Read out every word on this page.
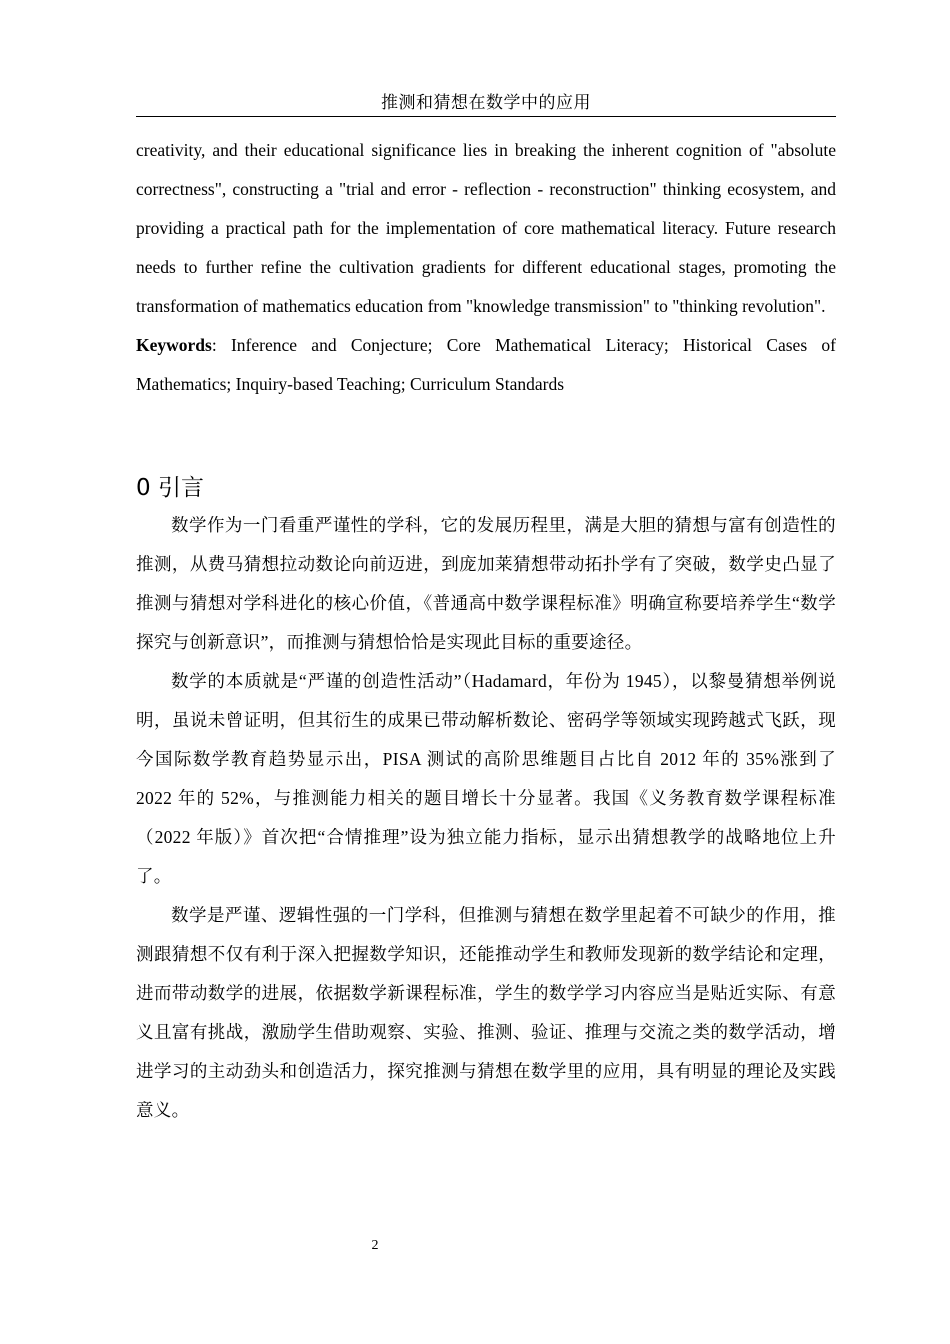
推测和猜想在数学中的应用

creativity, and their educational significance lies in breaking the inherent cognition of "absolute correctness", constructing a "trial and error - reflection - reconstruction" thinking ecosystem, and providing a practical path for the implementation of core mathematical literacy. Future research needs to further refine the cultivation gradients for different educational stages, promoting the transformation of mathematics education from "knowledge transmission" to "thinking revolution".

Keywords: Inference and Conjecture; Core Mathematical Literacy; Historical Cases of Mathematics; Inquiry-based Teaching; Curriculum Standards

0 引言

数学作为一门看重严谨性的学科，它的发展历程里，满是大胆的猜想与富有创造性的推测，从费马猜想拉动数论向前迈进，到庞加莱猜想带动拓扑学有了突破，数学史凸显了推测与猜想对学科进化的核心价值，《普通高中数学课程标准》明确宣称要培养学生“数学探究与创新意识”，而推测与猜想恰恰是实现此目标的重要途径。

数学的本质就是“严谨的创造性活动”（Hadamard，年份为 1945），以黎曼猜想举例说明，虽说未曾证明，但其衍生的成果已带动解析数论、密码学等领域实现跨越式飞跃，现今国际数学教育趋势显示出，PISA 测试的高阶思维题目占比自 2012 年的 35%涨到了 2022 年的 52%，与推测能力相关的题目增长十分显著。我国《义务教育数学课程标准（2022 年版）》首次把“合情推理”设为独立能力指标，显示出猜想教学的战略地位上升了。

数学是严谨、逻辑性强的一门学科，但推测与猜想在数学里起着不可缺少的作用，推测跟猜想不仅有利于深入把握数学知识，还能推动学生和教师发现新的数学结论和定理，进而带动数学的进展，依据数学新课程标准，学生的数学学习内容应当是贴近实际、有意义且富有挑战，激励学生借助观察、实验、推测、验证、推理与交流之类的数学活动，增进学习的主动劲头和创造活力，探究推测与猜想在数学里的应用，具有明显的理论及实践意义。

2
